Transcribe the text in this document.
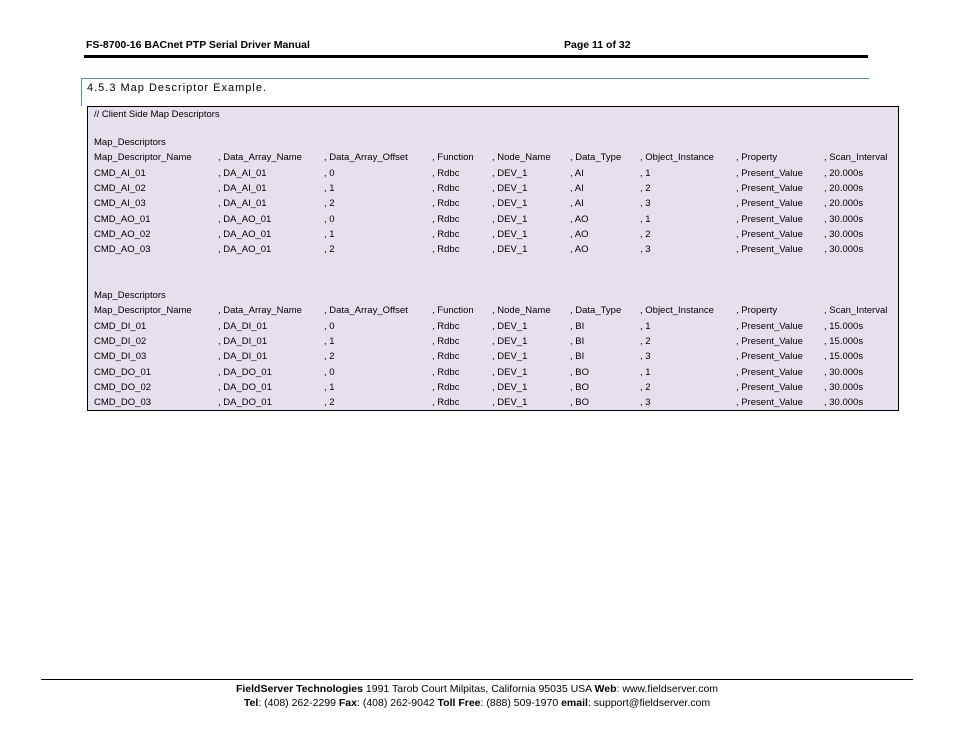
FS-8700-16 BACnet PTP Serial Driver Manual	Page 11 of 32
4.5.3 Map Descriptor Example.
// Client Side Map Descriptors
Map_Descriptors
Map_Descriptor_Name	, Data_Array_Name , Data_Array_Offset	, Function , Node_Name , Data_Type , Object_Instance , Property	, Scan_Interval
CMD_AI_01	, DA_AI_01	, 0	, Rdbc	, DEV_1	, AI	, 1	, Present_Value , 20.000s
CMD_AI_02	, DA_AI_01	, 1	, Rdbc	, DEV_1	, AI	, 2	, Present_Value , 20.000s
CMD_AI_03	, DA_AI_01	, 2	, Rdbc	, DEV_1	, AI	, 3	, Present_Value , 20.000s
CMD_AO_01	, DA_AO_01	, 0	, Rdbc	, DEV_1	, AO	, 1	, Present_Value , 30.000s
CMD_AO_02	, DA_AO_01	, 1	, Rdbc	, DEV_1	, AO	, 2	, Present_Value , 30.000s
CMD_AO_03	, DA_AO_01	, 2	, Rdbc	, DEV_1	, AO	, 3	, Present_Value , 30.000s
Map_Descriptors
Map_Descriptor_Name	, Data_Array_Name , Data_Array_Offset	, Function , Node_Name , Data_Type , Object_Instance , Property	, Scan_Interval
CMD_DI_01	, DA_DI_01	, 0	, Rdbc	, DEV_1	, BI	, 1	, Present_Value , 15.000s
CMD_DI_02	, DA_DI_01	, 1	, Rdbc	, DEV_1	, BI	, 2	, Present_Value , 15.000s
CMD_DI_03	, DA_DI_01	, 2	, Rdbc	, DEV_1	, BI	, 3	, Present_Value , 15.000s
CMD_DO_01	, DA_DO_01	, 0	, Rdbc	, DEV_1	, BO	, 1	, Present_Value , 30.000s
CMD_DO_02	, DA_DO_01	, 1	, Rdbc	, DEV_1	, BO	, 2	, Present_Value , 30.000s
CMD_DO_03	, DA_DO_01	, 2	, Rdbc	, DEV_1	, BO	, 3	, Present_Value , 30.000s
FieldServer Technologies 1991 Tarob Court Milpitas, California 95035 USA Web: www.fieldserver.com
Tel: (408) 262-2299 Fax: (408) 262-9042 Toll Free: (888) 509-1970 email: support@fieldserver.com
